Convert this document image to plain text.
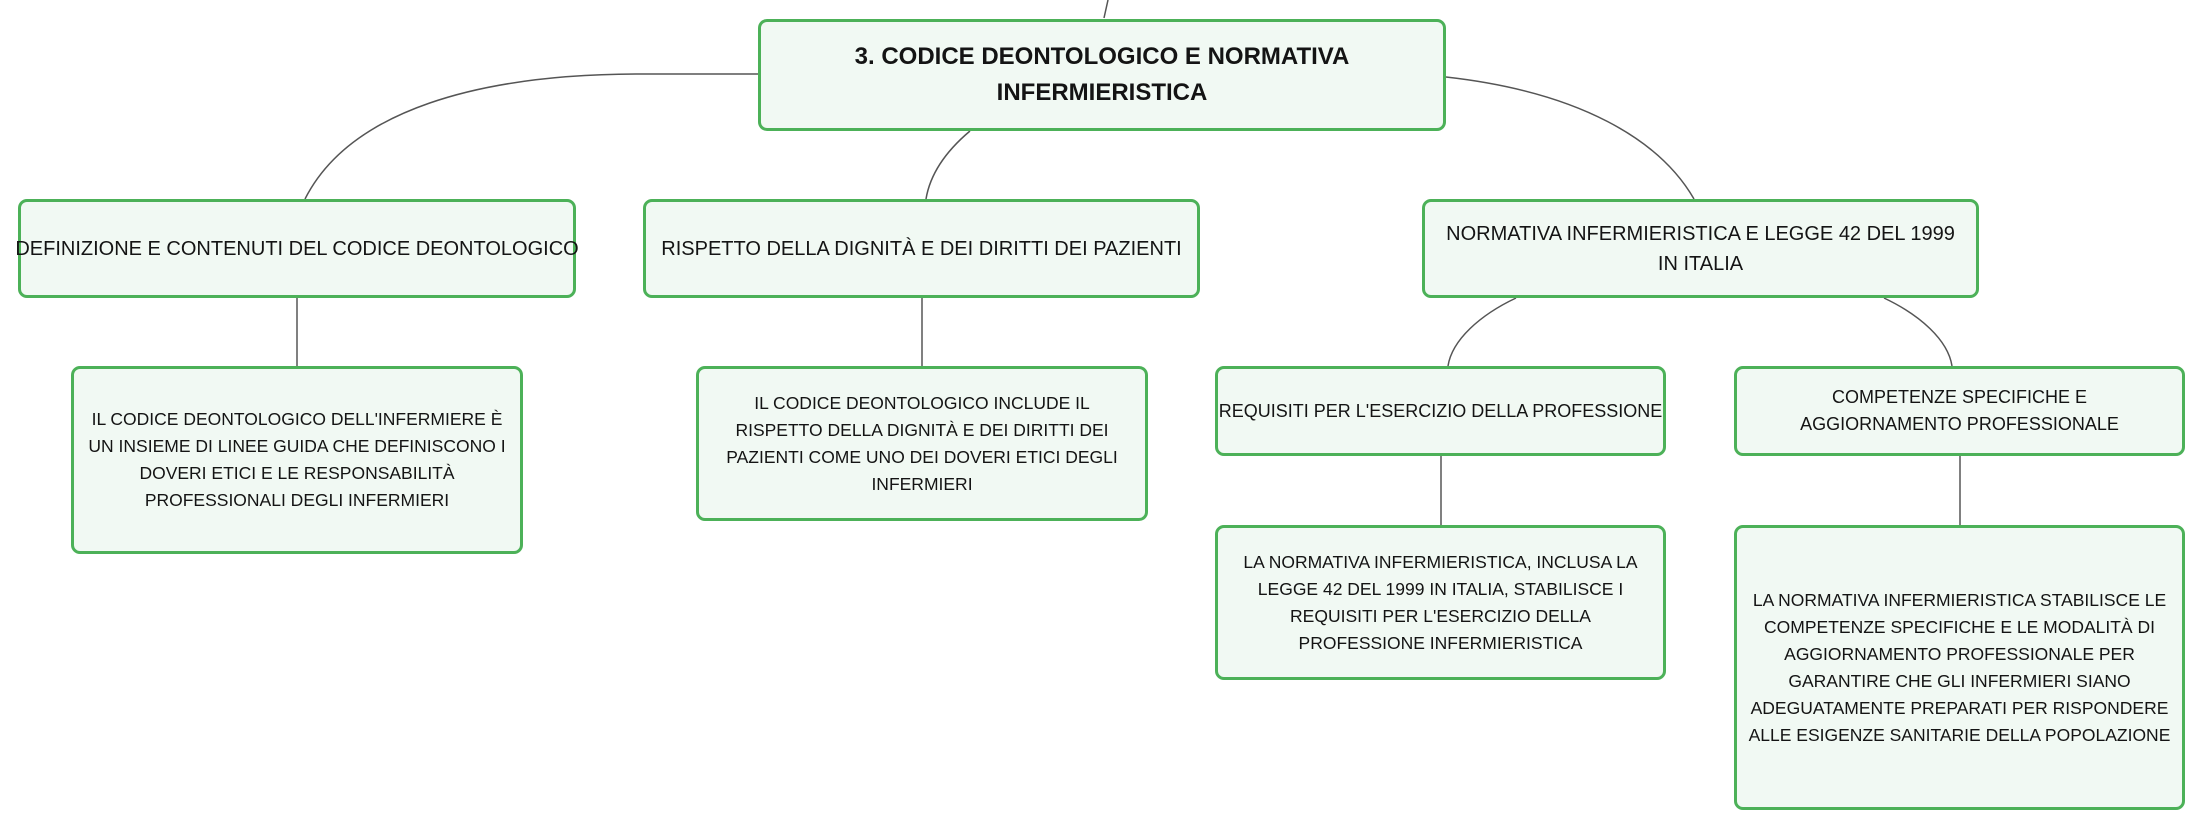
3. CODICE DEONTOLOGICO E NORMATIVA INFERMIERISTICA
DEFINIZIONE E CONTENUTI DEL CODICE DEONTOLOGICO	RISPETTO DELLA DIGNITÀ E DEI DIRITTI DEI PAZIENTI
NORMATIVA INFERMIERISTICA E LEGGE 42 DEL 1999 IN ITALIA
IL CODICE DEONTOLOGICO DELL'INFERMIERE È UN INSIEME DI LINEE GUIDA CHE DEFINISCONO I DOVERI ETICI E LE RESPONSABILITÀ PROFESSIONALI DEGLI INFERMIERI
IL CODICE DEONTOLOGICO INCLUDE IL RISPETTO DELLA DIGNITÀ E DEI DIRITTI DEI PAZIENTI COME UNO DEI DOVERI ETICI DEGLI INFERMIERI
REQUISITI PER L'ESERCIZIO DELLA PROFESSIONE
COMPETENZE SPECIFICHE E AGGIORNAMENTO PROFESSIONALE
LA NORMATIVA INFERMIERISTICA, INCLUSA LA LEGGE 42 DEL 1999 IN ITALIA, STABILISCE I REQUISITI PER L'ESERCIZIO DELLA PROFESSIONE INFERMIERISTICA
LA NORMATIVA INFERMIERISTICA STABILISCE LE COMPETENZE SPECIFICHE E LE MODALITÀ DI AGGIORNAMENTO PROFESSIONALE PER GARANTIRE CHE GLI INFERMIERI SIANO ADEGUATAMENTE PREPARATI PER RISPONDERE ALLE ESIGENZE SANITARIE DELLA POPOLAZIONE
